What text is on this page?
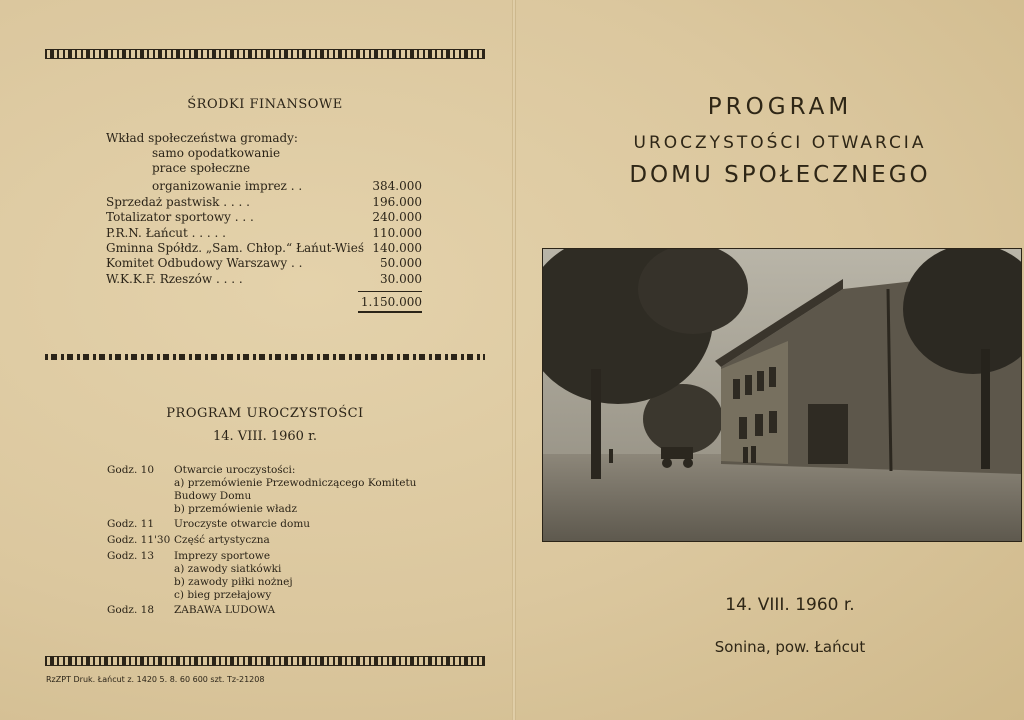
ŚRODKI FINANSOWE
Wkład społeczeństwa gromady:
samo opodatkowanie
prace społeczne
organizowanie imprez . .	384.000
Sprzedaż pastwisk . . . .	196.000
Totalizator sportowy . . .	240.000
P.R.N. Łańcut . . . . .	110.000
Gminna Spółdz. „Sam. Chłop.“ Łańut-Wieś 140.000
Komitet Odbudowy Warszawy . .	50.000
W.K.K.F. Rzeszów . . . .	30.000
1.150.000
PROGRAM UROCZYSTOŚCI
14. VIII. 1960 r.
Godz. 10 Otwarcie uroczystości:
a) przemówienie Przewodniczącego Komitetu
Budowy Domu
b) przemówienie władz
Godz. 11 Uroczyste otwarcie domu
Godz. 11'30 Część artystyczna
Godz. 13 Imprezy sportowe
a) zawody siatkówki
b) zawody piłki nożnej
c) bieg przełajowy
Godz. 18 ZABAWA LUDOWA
RzZPT Druk. Łańcut z. 1420 5. 8. 60 600 szt. Tz-21208
PROGRAM
UROCZYSTOŚCI OTWARCIA
DOMU SPOŁECZNEGO
14. VIII. 1960 r.
Sonina, pow. Łańcut
